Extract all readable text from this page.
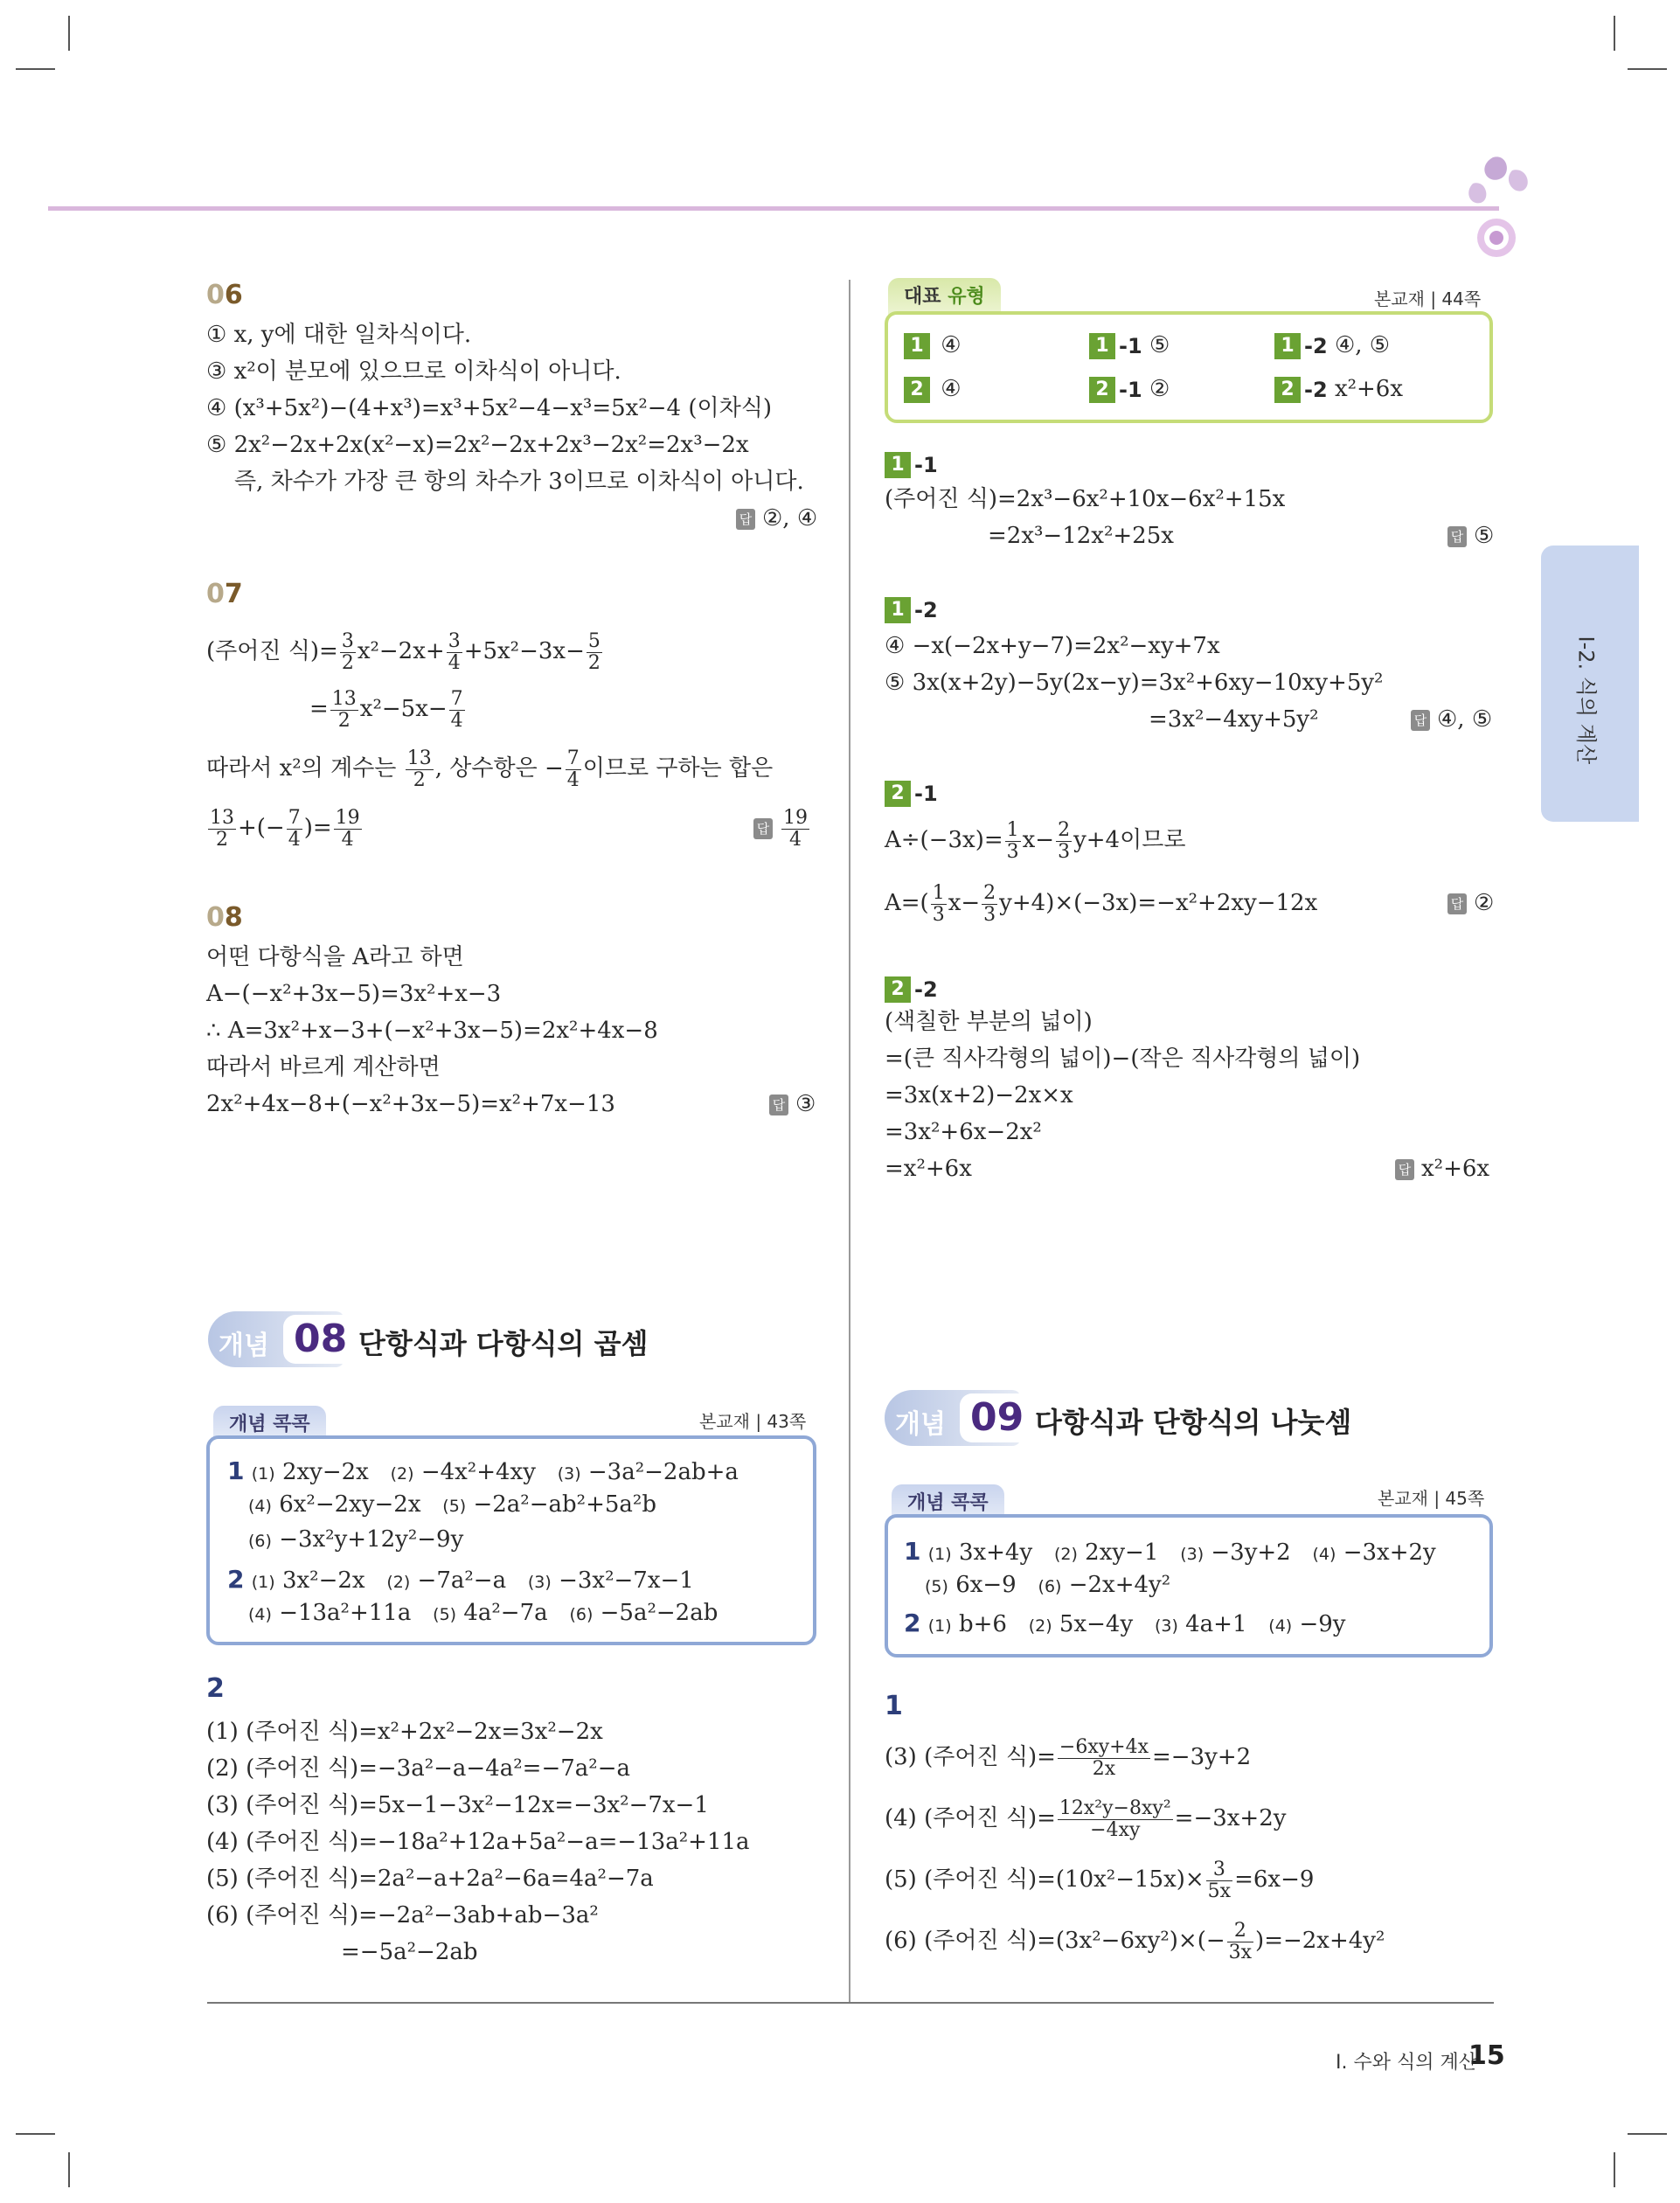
Ⅰ-2. 식의 계산
06
① x, y에 대한 일차식이다.
③ x²이 분모에 있으므로 이차식이 아니다.
④ (x³+5x²)−(4+x³)=x³+5x²−4−x³=5x²−4 (이차식)
⑤ 2x²−2x+2x(x²−x)=2x²−2x+2x³−2x²=2x³−2x
즉, 차수가 가장 큰 항의 차수가 3이므로 이차식이 아니다.
답 ②, ④
07
(주어진 식)= $\frac{3}{2} x^2-2x+ \frac{3}{4} +5x^2-3x- \frac{5}{2}$
= $\frac{13}{2} x^2-5x- \frac{7}{4}$
따라서 x²의 계수는 $\frac{13}{2}$ , 상수항은 − $\frac{7}{4}$ 이므로 구하는 합은
$\frac{13}{2}$ +(− $\frac{7}{4}$ )= $\frac{19}{4}$	답 $\frac{19}{4}$
08
어떤 다항식을 A라고 하면
A−(−x²+3x−5)=3x²+x−3
∴ A=3x²+x−3+(−x²+3x−5)=2x²+4x−8
따라서 바르게 계산하면
2x²+4x−8+(−x²+3x−5)=x²+7x−13	답 ③
개념 08 단항식과 다항식의 곱셈
개념 콕콕	본교재 | 43쪽
1 (1) 2xy−2x (2) −4x²+4xy (3) −3a²−2ab+a
(4) 6x²−2xy−2x (5) −2a²−ab²+5a²b
(6) −3x²y+12y²−9y
2 (1) 3x²−2x (2) −7a²−a (3) −3x²−7x−1
(4) −13a²+11a (5) 4a²−7a (6) −5a²−2ab
2
(1) (주어진 식)=x²+2x²−2x=3x²−2x
(2) (주어진 식)=−3a²−a−4a²=−7a²−a
(3) (주어진 식)=5x−1−3x²−12x=−3x²−7x−1
(4) (주어진 식)=−18a²+12a+5a²−a=−13a²+11a
(5) (주어진 식)=2a²−a+2a²−6a=4a²−7a
(6) (주어진 식)=−2a²−3ab+ab−3a²
=−5a²−2ab
대표 유형	본교재 | 44쪽
1 ④	1 -1 ⑤	1 -2 ④, ⑤
2 ④	2 -1 ②	2 -2 x²+6x
1 -1
(주어진 식)=2x³−6x²+10x−6x²+15x
=2x³−12x²+25x	답 ⑤
1 -2
④ −x(−2x+y−7)=2x²−xy+7x
⑤ 3x(x+2y)−5y(2x−y)=3x²+6xy−10xy+5y²
=3x²−4xy+5y²	답 ④, ⑤
2 -1
$A\div(-3x)= \frac{1}{3} x- \frac{2}{3} y+4$이므로
$A=( \frac{1}{3} x- \frac{2}{3} y+4)\times(-3x)=-x^2+2xy-12x$	답 ②
2 -2
(색칠한 부분의 넓이)
=(큰 직사각형의 넓이)−(작은 직사각형의 넓이)
=3x(x+2)−2x×x
=3x²+6x−2x²
=x²+6x	답 x²+6x
개념 09 다항식과 단항식의 나눗셈
개념 콕콕	본교재 | 45쪽
1 (1) 3x+4y (2) 2xy−1 (3) −3y+2 (4) −3x+2y
(5) 6x−9 (6) −2x+4y²
2 (1) b+6 (2) 5x−4y (3) 4a+1 (4) −9y
1
(3) (주어진 식)= $\frac{-6xy+4x}{2x} =-3y+2$
(4) (주어진 식)= $\frac{\text{12x²y−8xy²}}{-4xy} =-3x+2y$
(5) (주어진 식)$=(10x^2-15x)\times \frac{3}{5x} =6x-9$
(6) (주어진 식)$=(3x^2-6xy^2)\times(- \frac{2}{3x} )=-2x+4y^2$
Ⅰ. 수와 식의 계산
15
